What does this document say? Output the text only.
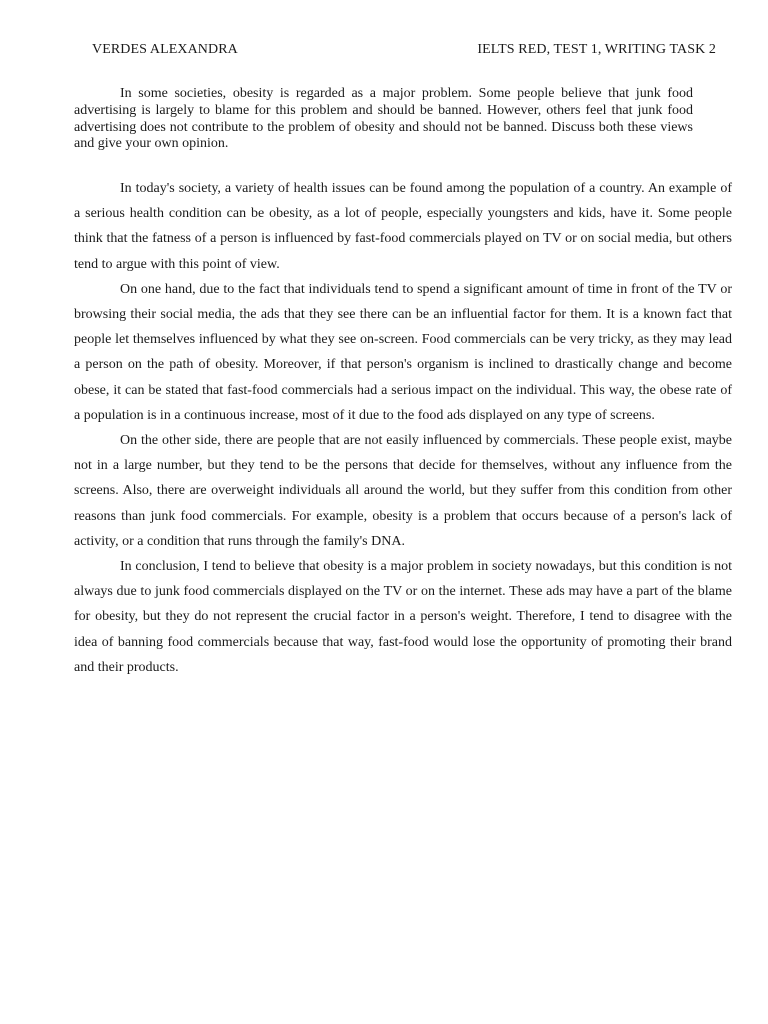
VERDES ALEXANDRA	IELTS RED, TEST 1, WRITING TASK 2

In some societies, obesity is regarded as a major problem. Some people believe that junk food advertising is largely to blame for this problem and should be banned. However, others feel that junk food advertising does not contribute to the problem of obesity and should not be banned. Discuss both these views and give your own opinion.

In today's society, a variety of health issues can be found among the population of a country. An example of a serious health condition can be obesity, as a lot of people, especially youngsters and kids, have it. Some people think that the fatness of a person is influenced by fast-food commercials played on TV or on social media, but others tend to argue with this point of view.

On one hand, due to the fact that individuals tend to spend a significant amount of time in front of the TV or browsing their social media, the ads that they see there can be an influential factor for them. It is a known fact that people let themselves influenced by what they see on-screen. Food commercials can be very tricky, as they may lead a person on the path of obesity. Moreover, if that person's organism is inclined to drastically change and become obese, it can be stated that fast-food commercials had a serious impact on the individual. This way, the obese rate of a population is in a continuous increase, most of it due to the food ads displayed on any type of screens.

On the other side, there are people that are not easily influenced by commercials. These people exist, maybe not in a large number, but they tend to be the persons that decide for themselves, without any influence from the screens. Also, there are overweight individuals all around the world, but they suffer from this condition from other reasons than junk food commercials. For example, obesity is a problem that occurs because of a person's lack of activity, or a condition that runs through the family's DNA.

In conclusion, I tend to believe that obesity is a major problem in society nowadays, but this condition is not always due to junk food commercials displayed on the TV or on the internet. These ads may have a part of the blame for obesity, but they do not represent the crucial factor in a person's weight. Therefore, I tend to disagree with the idea of banning food commercials because that way, fast-food would lose the opportunity of promoting their brand and their products.
